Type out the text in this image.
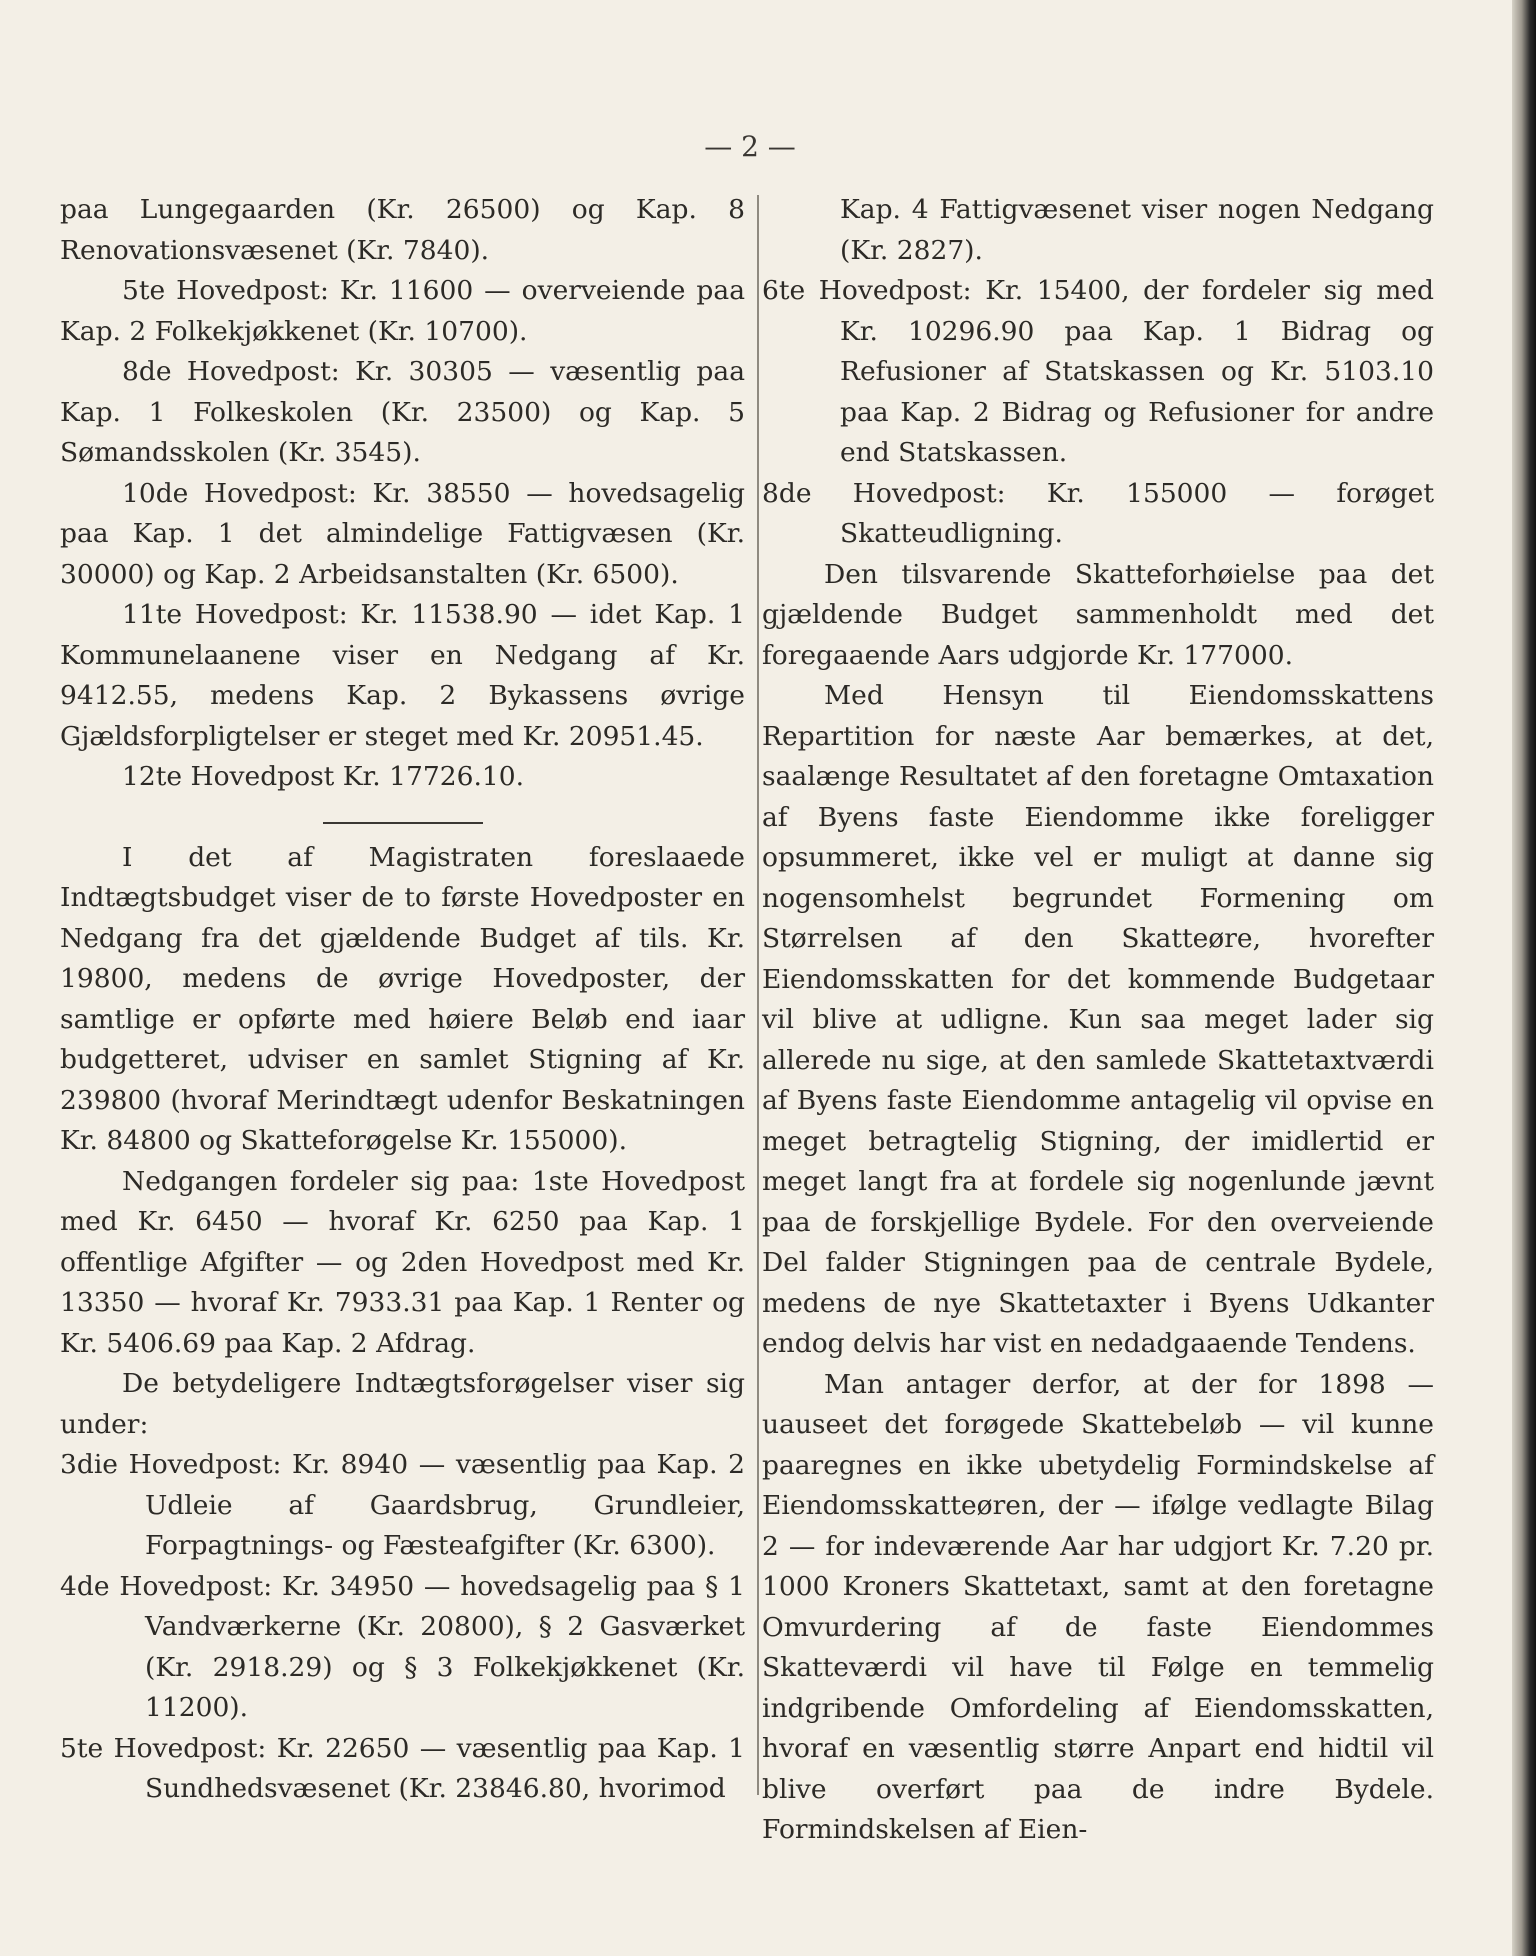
— 2 —

paa Lungegaarden (Kr. 26500) og Kap. 8 Renovationsvæsenet (Kr. 7840).

5te Hovedpost: Kr. 11600 — overveiende paa Kap. 2 Folkekjøkkenet (Kr. 10700).

8de Hovedpost: Kr. 30305 — væsentlig paa Kap. 1 Folkeskolen (Kr. 23500) og Kap. 5 Sømandsskolen (Kr. 3545).

10de Hovedpost: Kr. 38550 — hovedsagelig paa Kap. 1 det almindelige Fattigvæsen (Kr. 30000) og Kap. 2 Arbeidsanstalten (Kr. 6500).

11te Hovedpost: Kr. 11538.90 — idet Kap. 1 Kommunelaanene viser en Nedgang af Kr. 9412.55, medens Kap. 2 Bykassens øvrige Gjældsforpligtelser er steget med Kr. 20951.45.

12te Hovedpost Kr. 17726.10.

I det af Magistraten foreslaaede Indtægtsbudget viser de to første Hovedposter en Nedgang fra det gjældende Budget af tils. Kr. 19800, medens de øvrige Hovedposter, der samtlige er opførte med høiere Beløb end iaar budgetteret, udviser en samlet Stigning af Kr. 239800 (hvoraf Merindtægt udenfor Beskatningen Kr. 84800 og Skatteforøgelse Kr. 155000).

Nedgangen fordeler sig paa: 1ste Hovedpost med Kr. 6450 — hvoraf Kr. 6250 paa Kap. 1 offentlige Afgifter — og 2den Hovedpost med Kr. 13350 — hvoraf Kr. 7933.31 paa Kap. 1 Renter og Kr. 5406.69 paa Kap. 2 Afdrag.

De betydeligere Indtægtsforøgelser viser sig under:

3die Hovedpost: Kr. 8940 — væsentlig paa Kap. 2 Udleie af Gaardsbrug, Grundleier, Forpagtnings- og Fæsteafgifter (Kr. 6300).

4de Hovedpost: Kr. 34950 — hovedsagelig paa § 1 Vandværkerne (Kr. 20800), § 2 Gasværket (Kr. 2918.29) og § 3 Folkekjøkkenet (Kr. 11200).

5te Hovedpost: Kr. 22650 — væsentlig paa Kap. 1 Sundhedsvæsenet (Kr. 23846.80, hvorimod

Kap. 4 Fattigvæsenet viser nogen Nedgang (Kr. 2827).

6te Hovedpost: Kr. 15400, der fordeler sig med Kr. 10296.90 paa Kap. 1 Bidrag og Refusioner af Statskassen og Kr. 5103.10 paa Kap. 2 Bidrag og Refusioner for andre end Statskassen.

8de Hovedpost: Kr. 155000 — forøget Skatteudligning.

Den tilsvarende Skatteforhøielse paa det gjældende Budget sammenholdt med det foregaaende Aars udgjorde Kr. 177000.

Med Hensyn til Eiendomsskattens Repartition for næste Aar bemærkes, at det, saalænge Resultatet af den foretagne Omtaxation af Byens faste Eiendomme ikke foreligger opsummeret, ikke vel er muligt at danne sig nogensomhelst begrundet Formening om Størrelsen af den Skatteøre, hvorefter Eiendomsskatten for det kommende Budgetaar vil blive at udligne. Kun saa meget lader sig allerede nu sige, at den samlede Skattetaxtværdi af Byens faste Eiendomme antagelig vil opvise en meget betragtelig Stigning, der imidlertid er meget langt fra at fordele sig nogenlunde jævnt paa de forskjellige Bydele. For den overveiende Del falder Stigningen paa de centrale Bydele, medens de nye Skattetaxter i Byens Udkanter endog delvis har vist en nedadgaaende Tendens.

Man antager derfor, at der for 1898 — uauseet det forøgede Skattebeløb — vil kunne paaregnes en ikke ubetydelig Formindskelse af Eiendomsskatteøren, der — ifølge vedlagte Bilag 2 — for indeværende Aar har udgjort Kr. 7.20 pr. 1000 Kroners Skattetaxt, samt at den foretagne Omvurdering af de faste Eiendommes Skatteværdi vil have til Følge en temmelig indgribende Omfordeling af Eiendomsskatten, hvoraf en væsentlig større Anpart end hidtil vil blive overført paa de indre Bydele. Formindskelsen af Eien-
